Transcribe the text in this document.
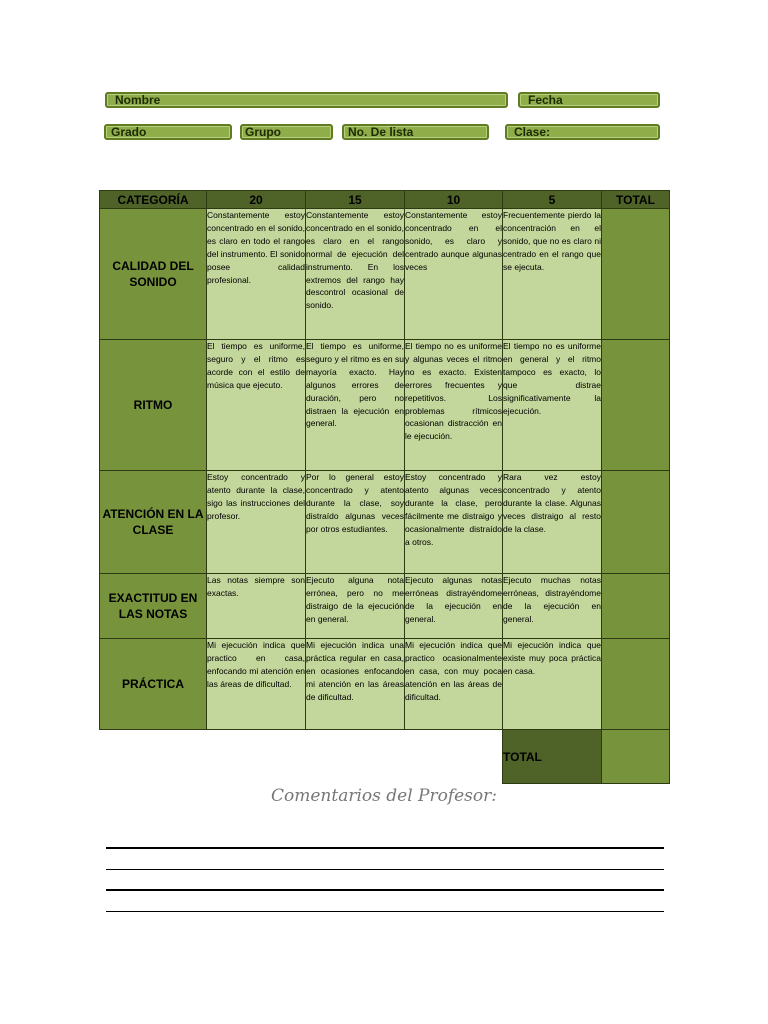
Nombre	Fecha
Grado	Grupo	No. De lista	Clase:
CATEGORÍA	20	15	10	5	TOTAL
CALIDAD DEL SONIDO	Constantemente estoy concentrado en el sonido, es claro en todo el rango del instrumento. El sonido posee calidad profesional.	Constantemente estoy concentrado en el sonido, es claro en el rango normal de ejecución del instrumento. En los extremos del rango hay descontrol ocasional de sonido.	Constantemente estoy concentrado en el sonido, es claro y centrado aunque algunas veces	Frecuentemente pierdo la concentración en el sonido, que no es claro ni centrado en el rango que se ejecuta.	
RITMO	El tiempo es uniforme, seguro y el ritmo es acorde con el estilo de música que ejecuto.	El tiempo es uniforme, seguro y el ritmo es en su mayoría exacto. Hay algunos errores de duración, pero no distraen la ejecución en general.	El tiempo no es uniforme y algunas veces el ritmo no es exacto. Existen errores frecuentes y repetitivos. Los problemas rítmicos ocasionan distracción en le ejecución.	El tiempo no es uniforme en general y el ritmo tampoco es exacto, lo que distrae significativamente la ejecución.	
ATENCIÓN EN LA CLASE	Estoy concentrado y atento durante la clase, sigo las instrucciones del profesor.	Por lo general estoy concentrado y atento durante la clase, soy distraído algunas veces por otros estudiantes.	Estoy concentrado y atento algunas veces durante la clase, pero fácilmente me distraigo y ocasionalmente distraído a otros.	Rara vez estoy concentrado y atento durante la clase. Algunas veces distraigo al resto de la clase.	
EXACTITUD EN LAS NOTAS	Las notas siempre son exactas.	Ejecuto alguna nota errónea, pero no me distraigo de la ejecución en general.	Ejecuto algunas notas erróneas distrayéndome de la ejecución en general.	Ejecuto muchas notas erróneas, distrayéndome de la ejecución en general.	
PRÁCTICA	Mi ejecución indica que practico en casa, enfocando mi atención en las áreas de dificultad.	Mi ejecución indica una práctica regular en casa, en ocasiones enfocando mi atención en las áreas de dificultad.	Mi ejecución indica que practico ocasionalmente en casa, con muy poca atención en las áreas de dificultad.	Mi ejecución indica que existe muy poca práctica en casa.	
				TOTAL	
Comentarios del Profesor:
